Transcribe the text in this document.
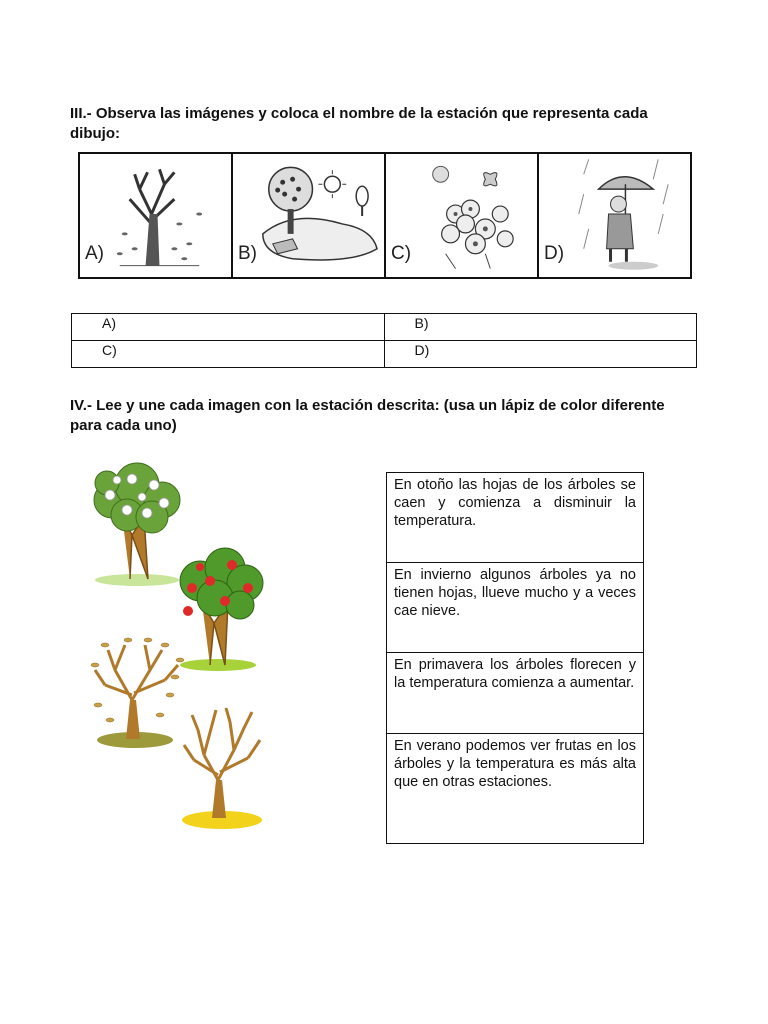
III.- Observa las imágenes y coloca el nombre de la estación que representa cada dibujo:
A)	B)	C)	D)
A)	B)
C)	D)
IV.- Lee y une cada imagen con la estación descrita: (usa un lápiz de color diferente para cada uno)
En otoño las hojas de los árboles se caen y comienza a disminuir la temperatura.
En invierno algunos árboles ya no tienen hojas, llueve mucho y a veces cae nieve.
En primavera los árboles florecen y la temperatura comienza a aumentar.
En verano podemos ver frutas en los árboles y la temperatura es más alta que en otras estaciones.
